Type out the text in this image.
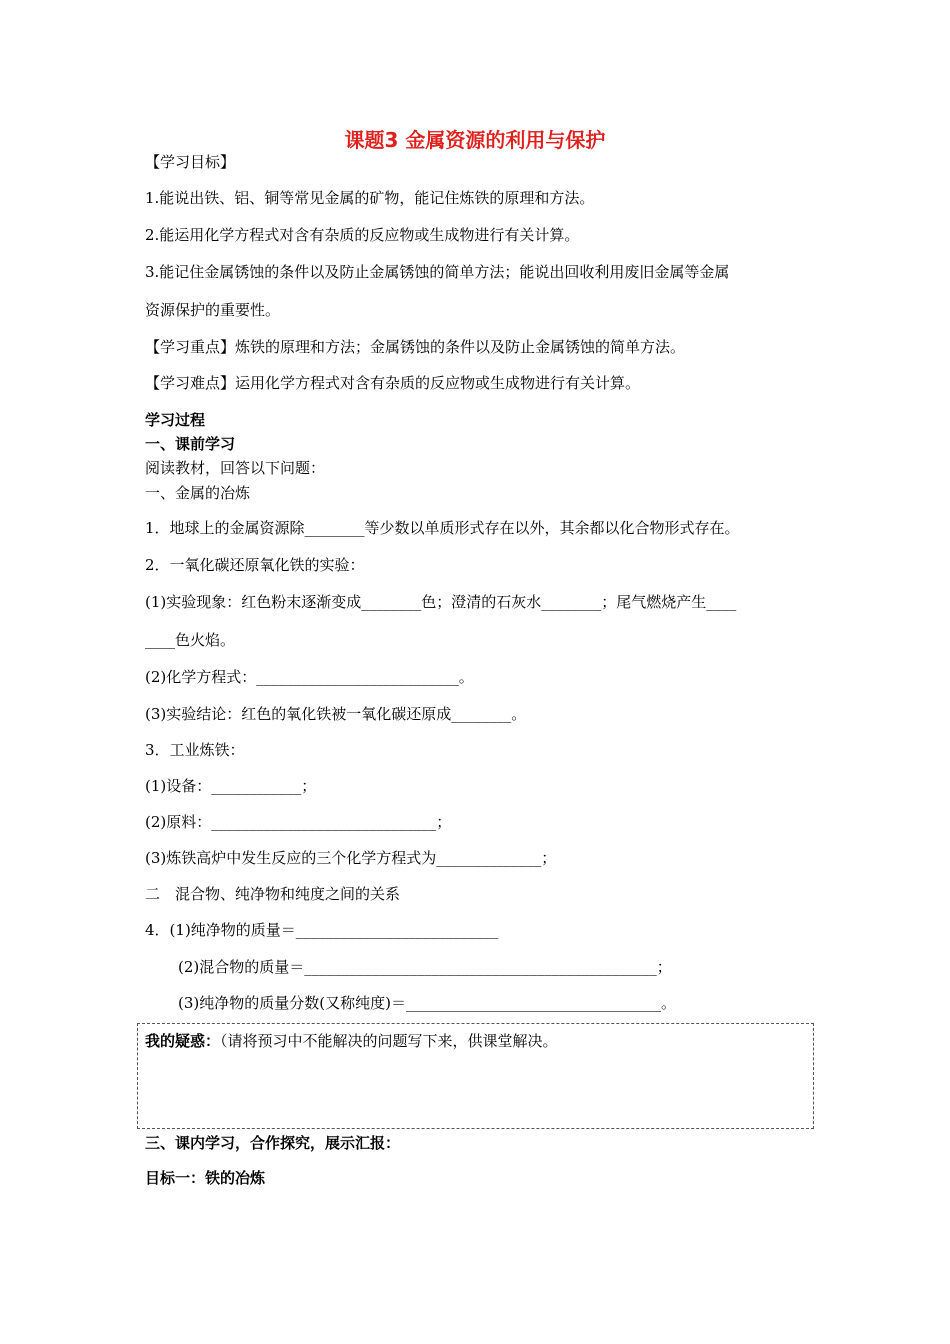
课题3 金属资源的利用与保护
【学习目标】
1.能说出铁、铝、铜等常见金属的矿物，能记住炼铁的原理和方法。
2.能运用化学方程式对含有杂质的反应物或生成物进行有关计算。
3.能记住金属锈蚀的条件以及防止金属锈蚀的简单方法；能说出回收利用废旧金属等金属
资源保护的重要性。
【学习重点】炼铁的原理和方法；金属锈蚀的条件以及防止金属锈蚀的简单方法。
【学习难点】运用化学方程式对含有杂质的反应物或生成物进行有关计算。
学习过程
一、课前学习
阅读教材，回答以下问题：
一、金属的冶炼
1．地球上的金属资源除________等少数以单质形式存在以外，其余都以化合物形式存在。
2．一氧化碳还原氧化铁的实验：
(1)实验现象：红色粉末逐渐变成________色；澄清的石灰水________；尾气燃烧产生____
____色火焰。
(2)化学方程式：___________________________。
(3)实验结论：红色的氧化铁被一氧化碳还原成________。
3．工业炼铁：
(1)设备：____________；
(2)原料：______________________________；
(3)炼铁高炉中发生反应的三个化学方程式为______________；
二　混合物、纯净物和纯度之间的关系
4．(1)纯净物的质量＝___________________________
(2)混合物的质量＝_______________________________________________；
(3)纯净物的质量分数(又称纯度)＝__________________________________。
我的疑惑：（请将预习中不能解决的问题写下来，供课堂解决。
三、课内学习，合作探究，展示汇报：
目标一：铁的冶炼
